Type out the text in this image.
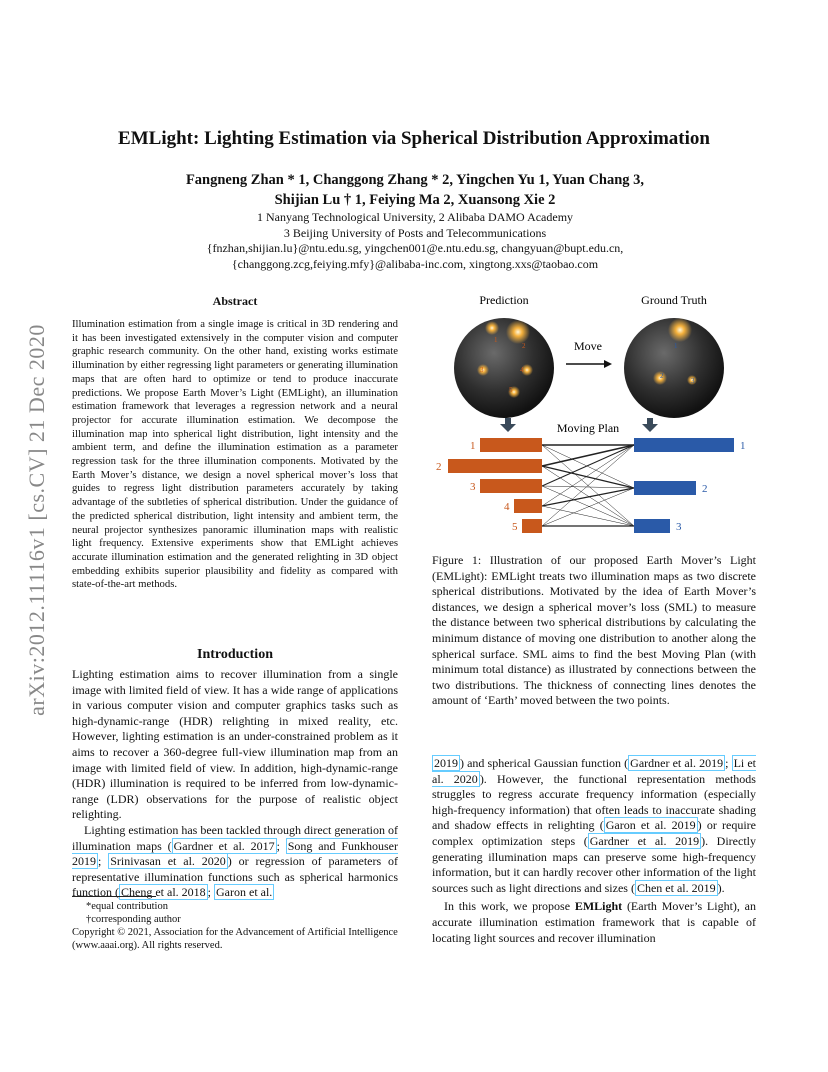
EMLight: Lighting Estimation via Spherical Distribution Approximation
Fangneng Zhan * 1, Changgong Zhang * 2, Yingchen Yu 1, Yuan Chang 3,
Shijian Lu † 1, Feiying Ma 2, Xuansong Xie 2
1 Nanyang Technological University, 2 Alibaba DAMO Academy
3 Beijing University of Posts and Telecommunications
{fnzhan,shijian.lu}@ntu.edu.sg, yingchen001@e.ntu.edu.sg, changyuan@bupt.edu.cn,
{changgong.zcg,feiying.mfy}@alibaba-inc.com, xingtong.xxs@taobao.com
arXiv:2012.11116v1 [cs.CV] 21 Dec 2020
Abstract
Illumination estimation from a single image is critical in 3D rendering and it has been investigated extensively in the computer vision and computer graphic research community. On the other hand, existing works estimate illumination by either regressing light parameters or generating illumination maps that are often hard to optimize or tend to produce inaccurate predictions. We propose Earth Mover’s Light (EMLight), an illumination estimation framework that leverages a regression network and a neural projector for accurate illumination estimation. We decompose the illumination map into spherical light distribution, light intensity and the ambient term, and define the illumination estimation as a parameter regression task for the three illumination components. Motivated by the Earth Mover’s distance, we design a novel spherical mover’s loss that guides to regress light distribution parameters accurately by taking advantage of the subtleties of spherical distribution. Under the guidance of the predicted spherical distribution, light intensity and ambient term, the neural projector synthesizes panoramic illumination maps with realistic light frequency. Extensive experiments show that EMLight achieves accurate illumination estimation and the generated relighting in 3D object embedding exhibits superior plausibility and fidelity as compared with state-of-the-art methods.
Introduction

Lighting estimation aims to recover illumination from a single image with limited field of view. It has a wide range of applications in various computer vision and computer graphics tasks such as high-dynamic-range (HDR) relighting in mixed reality, etc. However, lighting estimation is an under-constrained problem as it aims to recover a 360-degree full-view illumination map from an image with limited field of view. In addition, high-dynamic-range (HDR) illumination is required to be inferred from low-dynamic-range (LDR) observations for the purpose of realistic object relighting.

Lighting estimation has been tackled through direct generation of illumination maps ( Gardner et al. 2017 ; Song and Funkhouser 2019 ; Srinivasan et al. 2020 ) or regression of parameters of representative illumination functions such as spherical harmonics function ( Cheng et al. 2018 ; Garon et al.

*equal contribution
†corresponding author
Copyright © 2021, Association for the Advancement of Artificial Intelligence (www.aaai.org). All rights reserved.
Prediction	Ground Truth
1
2
3	4
5
1
2
3
Move
Moving Plan
1
2
3
4
5
1
2
3
Figure 1: Illustration of our proposed Earth Mover’s Light (EMLight): EMLight treats two illumination maps as two discrete spherical distributions. Motivated by the idea of Earth Mover’s distances, we design a spherical mover’s loss (SML) to measure the distance between two spherical distributions by calculating the minimum distance of moving one distribution to another along the spherical surface. SML aims to find the best Moving Plan (with minimum total distance) as illustrated by connections between the two distributions. The thickness of connecting lines denotes the amount of ‘Earth’ moved between the two points.

2019 ) and spherical Gaussian function ( Gardner et al. 2019 ; Li et al. 2020 ). However, the functional representation methods struggles to regress accurate frequency information (especially high-frequency information) that often leads to inaccurate shading and shadow effects in relighting ( Garon et al. 2019 ) or require complex optimization steps ( Gardner et al. 2019 ). Directly generating illumination maps can preserve some high-frequency information, but it can hardly recover other information of the light sources such as light directions and sizes ( Chen et al. 2019 ).

In this work, we propose EMLight (Earth Mover’s Light), an accurate illumination estimation framework that is capable of locating light sources and recover illumination
